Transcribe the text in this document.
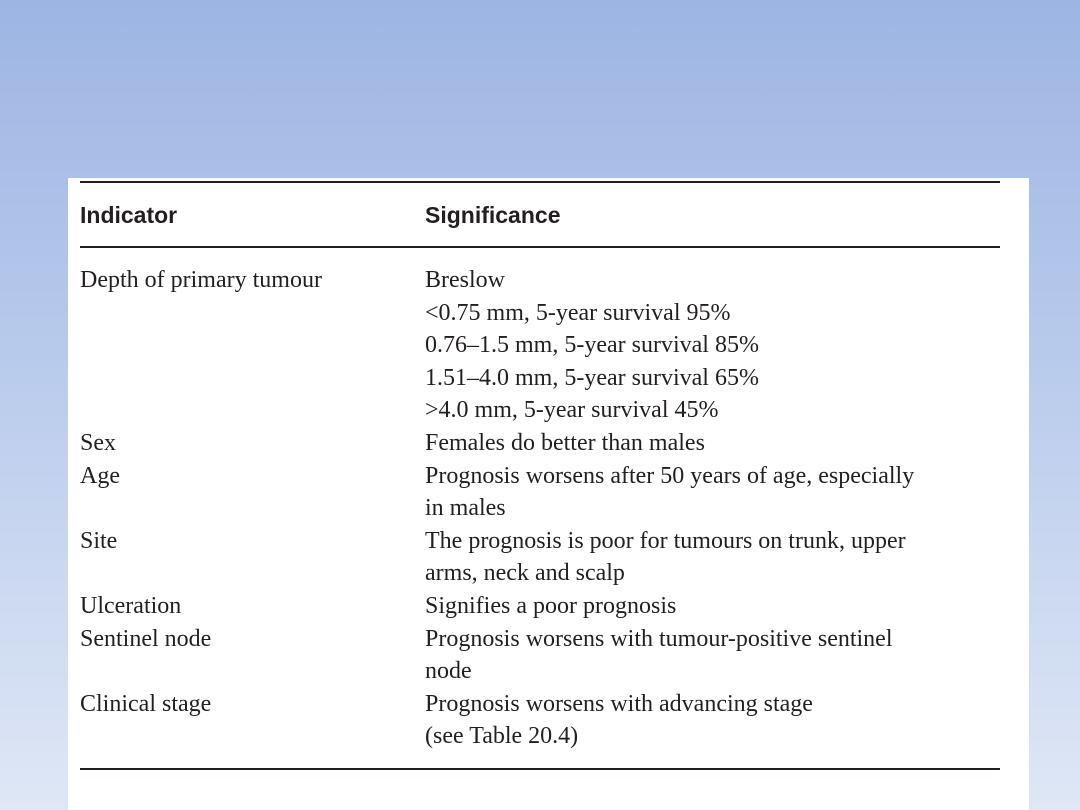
Indicator	Significance
Depth of primary tumour	Breslow
<0.75 mm, 5-year survival 95%
0.76–1.5 mm, 5-year survival 85%
1.51–4.0 mm, 5-year survival 65%
>4.0 mm, 5-year survival 45%
Sex	Females do better than males
Age	Prognosis worsens after 50 years of age, especially
in males
Site	The prognosis is poor for tumours on trunk, upper
arms, neck and scalp
Ulceration	Signifies a poor prognosis
Sentinel node	Prognosis worsens with tumour-positive sentinel
node
Clinical stage	Prognosis worsens with advancing stage
(see Table 20.4)
